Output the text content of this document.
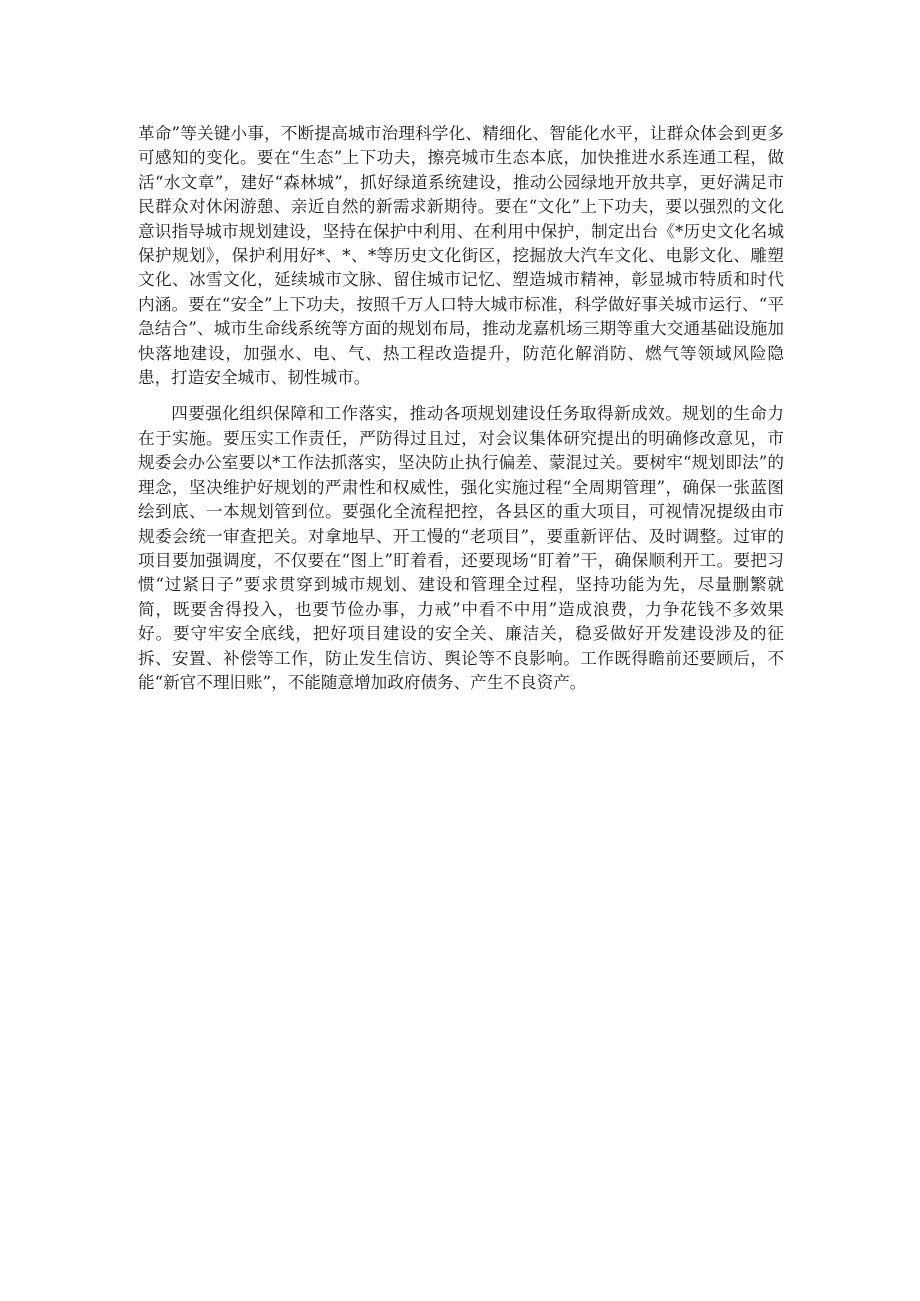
革命”等关键小事，不断提高城市治理科学化、精细化、智能化水平，让群众体会到更多可感知的变化。要在“生态”上下功夫，擦亮城市生态本底，加快推进水系连通工程，做活“水文章”，建好“森林城”，抓好绿道系统建设，推动公园绿地开放共享，更好满足市民群众对休闲游憩、亲近自然的新需求新期待。要在“文化”上下功夫，要以强烈的文化意识指导城市规划建设，坚持在保护中利用、在利用中保护，制定出台《*历史文化名城保护规划》，保护利用好*、*、*等历史文化街区，挖掘放大汽车文化、电影文化、雕塑文化、冰雪文化，延续城市文脉、留住城市记忆、塑造城市精神，彰显城市特质和时代内涵。要在“安全”上下功夫，按照千万人口特大城市标准，科学做好事关城市运行、“平急结合”、城市生命线系统等方面的规划布局，推动龙嘉机场三期等重大交通基础设施加快落地建设，加强水、电、气、热工程改造提升，防范化解消防、燃气等领域风险隐患，打造安全城市、韧性城市。

四要强化组织保障和工作落实，推动各项规划建设任务取得新成效。规划的生命力在于实施。要压实工作责任，严防得过且过，对会议集体研究提出的明确修改意见，市规委会办公室要以*工作法抓落实，坚决防止执行偏差、蒙混过关。要树牢“规划即法”的理念，坚决维护好规划的严肃性和权威性，强化实施过程“全周期管理”，确保一张蓝图绘到底、一本规划管到位。要强化全流程把控，各县区的重大项目，可视情况提级由市规委会统一审查把关。对拿地早、开工慢的“老项目”，要重新评估、及时调整。过审的项目要加强调度，不仅要在“图上”盯着看，还要现场“盯着”干，确保顺利开工。要把习惯“过紧日子”要求贯穿到城市规划、建设和管理全过程，坚持功能为先，尽量删繁就简，既要舍得投入，也要节俭办事，力戒”中看不中用”造成浪费，力争花钱不多效果好。要守牢安全底线，把好项目建设的安全关、廉洁关，稳妥做好开发建设涉及的征拆、安置、补偿等工作，防止发生信访、舆论等不良影响。工作既得瞻前还要顾后，不能“新官不理旧账”，不能随意增加政府债务、产生不良资产。
